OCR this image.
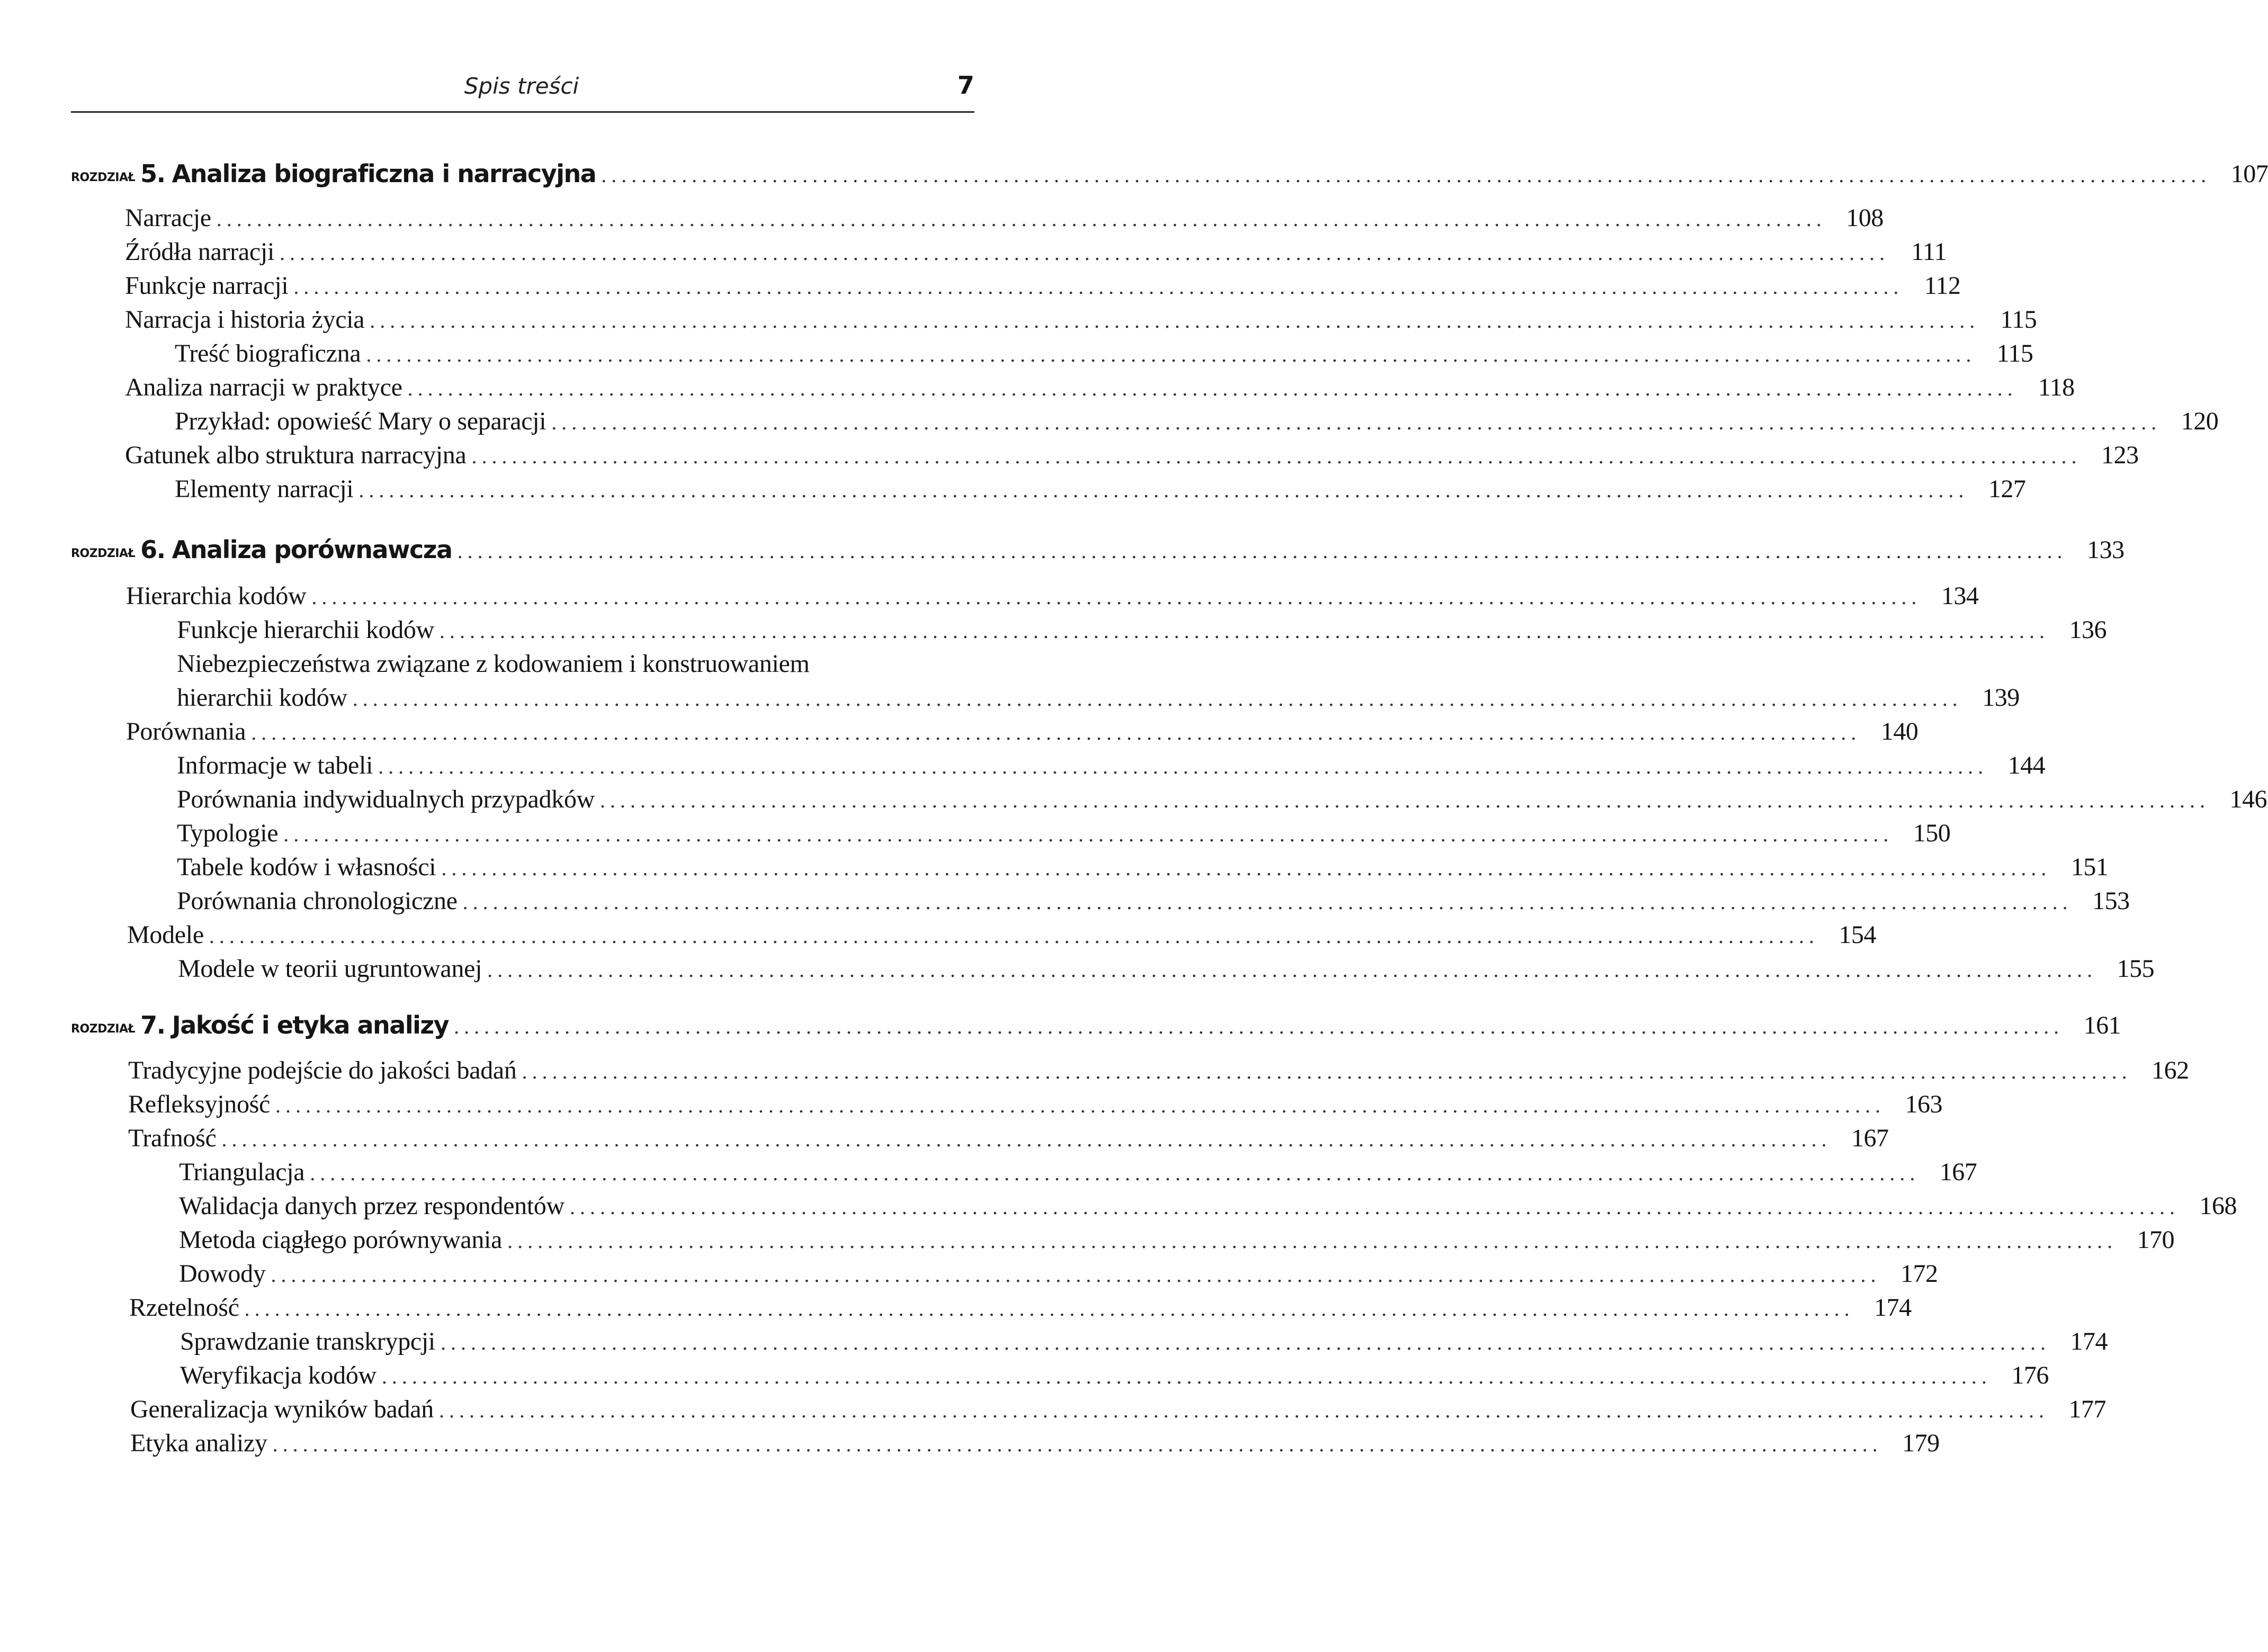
Spis treści	7
ROZDZIAŁ 5.
Analiza biograficzna i narracyjna ................................................................................................................................................................ 107
Narracje ................................................................................................................................................................ 108
Źródła narracji ................................................................................................................................................................ 111
Funkcje narracji ................................................................................................................................................................ 112
Narracja i historia życia ................................................................................................................................................................ 115
Treść biograficzna ................................................................................................................................................................ 115
Analiza narracji w praktyce ................................................................................................................................................................ 118
Przykład: opowieść Mary o separacji ................................................................................................................................................................ 120
Gatunek albo struktura narracyjna ................................................................................................................................................................ 123
Elementy narracji ................................................................................................................................................................ 127
ROZDZIAŁ 6.
Analiza porównawcza ................................................................................................................................................................ 133
Hierarchia kodów ................................................................................................................................................................ 134
Funkcje hierarchii kodów ................................................................................................................................................................ 136
Niebezpieczeństwa związane z kodowaniem i konstruowaniem
hierarchii kodów ................................................................................................................................................................ 139
Porównania ................................................................................................................................................................ 140
Informacje w tabeli ................................................................................................................................................................ 144
Porównania indywidualnych przypadków ................................................................................................................................................................ 146
Typologie ................................................................................................................................................................ 150
Tabele kodów i własności ................................................................................................................................................................ 151
Porównania chronologiczne ................................................................................................................................................................ 153
Modele ................................................................................................................................................................ 154
Modele w teorii ugruntowanej ................................................................................................................................................................ 155
ROZDZIAŁ 7.
Jakość i etyka analizy ................................................................................................................................................................ 161
Tradycyjne podejście do jakości badań ................................................................................................................................................................ 162
Refleksyjność ................................................................................................................................................................ 163
Trafność ................................................................................................................................................................ 167
Triangulacja ................................................................................................................................................................ 167
Walidacja danych przez respondentów ................................................................................................................................................................ 168
Metoda ciągłego porównywania ................................................................................................................................................................ 170
Dowody ................................................................................................................................................................ 172
Rzetelność ................................................................................................................................................................ 174
Sprawdzanie transkrypcji ................................................................................................................................................................ 174
Weryfikacja kodów ................................................................................................................................................................ 176
Generalizacja wyników badań ................................................................................................................................................................ 177
Etyka analizy ................................................................................................................................................................ 179
